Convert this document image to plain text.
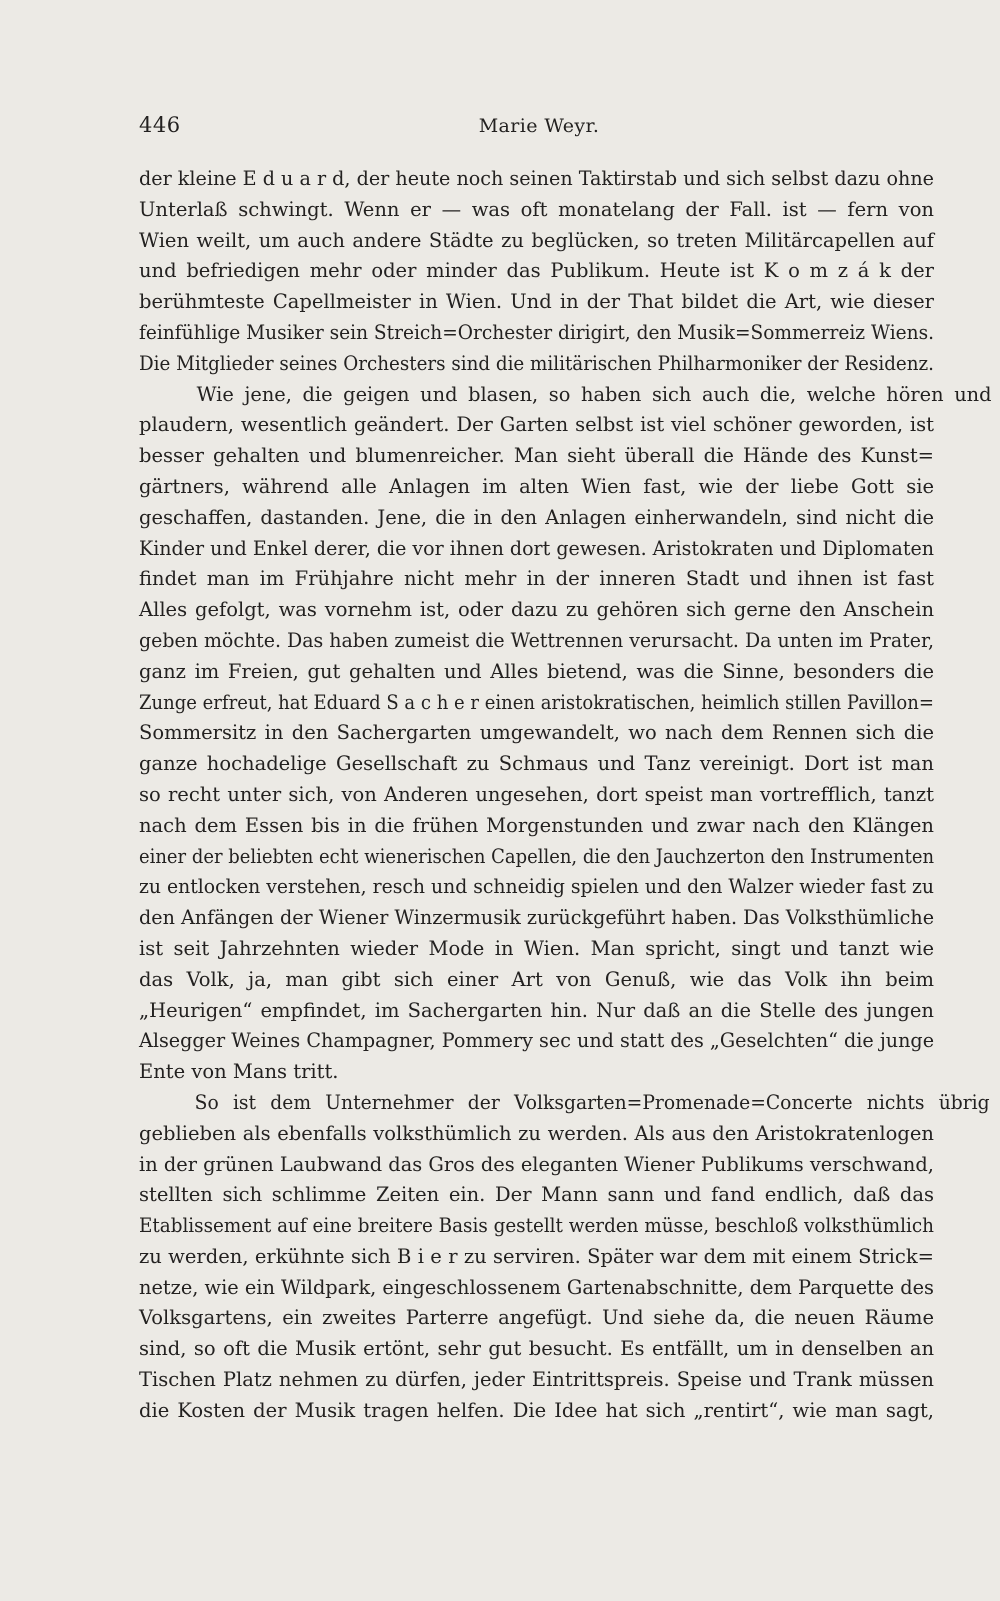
446	Marie Weyr.
der kleine E d u a r d, der heute noch seinen Taktirstab und sich selbst dazu ohne
Unterlaß schwingt. Wenn er — was oft monatelang der Fall. ist — fern von
Wien weilt, um auch andere Städte zu beglücken, so treten Militärcapellen auf
und befriedigen mehr oder minder das Publikum. Heute ist K o m z á k der
berühmteste Capellmeister in Wien. Und in der That bildet die Art, wie dieser
feinfühlige Musiker sein Streich=Orchester dirigirt, den Musik=Sommerreiz Wiens.
Die Mitglieder seines Orchesters sind die militärischen Philharmoniker der Residenz.
Wie jene, die geigen und blasen, so haben sich auch die, welche hören und
plaudern, wesentlich geändert. Der Garten selbst ist viel schöner geworden, ist
besser gehalten und blumenreicher. Man sieht überall die Hände des Kunst=
gärtners, während alle Anlagen im alten Wien fast, wie der liebe Gott sie
geschaffen, dastanden. Jene, die in den Anlagen einherwandeln, sind nicht die
Kinder und Enkel derer, die vor ihnen dort gewesen. Aristokraten und Diplomaten
findet man im Frühjahre nicht mehr in der inneren Stadt und ihnen ist fast
Alles gefolgt, was vornehm ist, oder dazu zu gehören sich gerne den Anschein
geben möchte. Das haben zumeist die Wettrennen verursacht. Da unten im Prater,
ganz im Freien, gut gehalten und Alles bietend, was die Sinne, besonders die
Zunge erfreut, hat Eduard S a c h e r einen aristokratischen, heimlich stillen Pavillon=
Sommersitz in den Sachergarten umgewandelt, wo nach dem Rennen sich die
ganze hochadelige Gesellschaft zu Schmaus und Tanz vereinigt. Dort ist man
so recht unter sich, von Anderen ungesehen, dort speist man vortrefflich, tanzt
nach dem Essen bis in die frühen Morgenstunden und zwar nach den Klängen
einer der beliebten echt wienerischen Capellen, die den Jauchzerton den Instrumenten
zu entlocken verstehen, resch und schneidig spielen und den Walzer wieder fast zu
den Anfängen der Wiener Winzermusik zurückgeführt haben. Das Volksthümliche
ist seit Jahrzehnten wieder Mode in Wien. Man spricht, singt und tanzt wie
das Volk, ja, man gibt sich einer Art von Genuß, wie das Volk ihn beim
„Heurigen“ empfindet, im Sachergarten hin. Nur daß an die Stelle des jungen
Alsegger Weines Champagner, Pommery sec und statt des „Geselchten“ die junge
Ente von Mans tritt.
So ist dem Unternehmer der Volksgarten=Promenade=Concerte nichts übrig
geblieben als ebenfalls volksthümlich zu werden. Als aus den Aristokratenlogen
in der grünen Laubwand das Gros des eleganten Wiener Publikums verschwand,
stellten sich schlimme Zeiten ein. Der Mann sann und fand endlich, daß das
Etablissement auf eine breitere Basis gestellt werden müsse, beschloß volksthümlich
zu werden, erkühnte sich B i e r zu serviren. Später war dem mit einem Strick=
netze, wie ein Wildpark, eingeschlossenem Gartenabschnitte, dem Parquette des
Volksgartens, ein zweites Parterre angefügt. Und siehe da, die neuen Räume
sind, so oft die Musik ertönt, sehr gut besucht. Es entfällt, um in denselben an
Tischen Platz nehmen zu dürfen, jeder Eintrittspreis. Speise und Trank müssen
die Kosten der Musik tragen helfen. Die Idee hat sich „rentirt“, wie man sagt,
